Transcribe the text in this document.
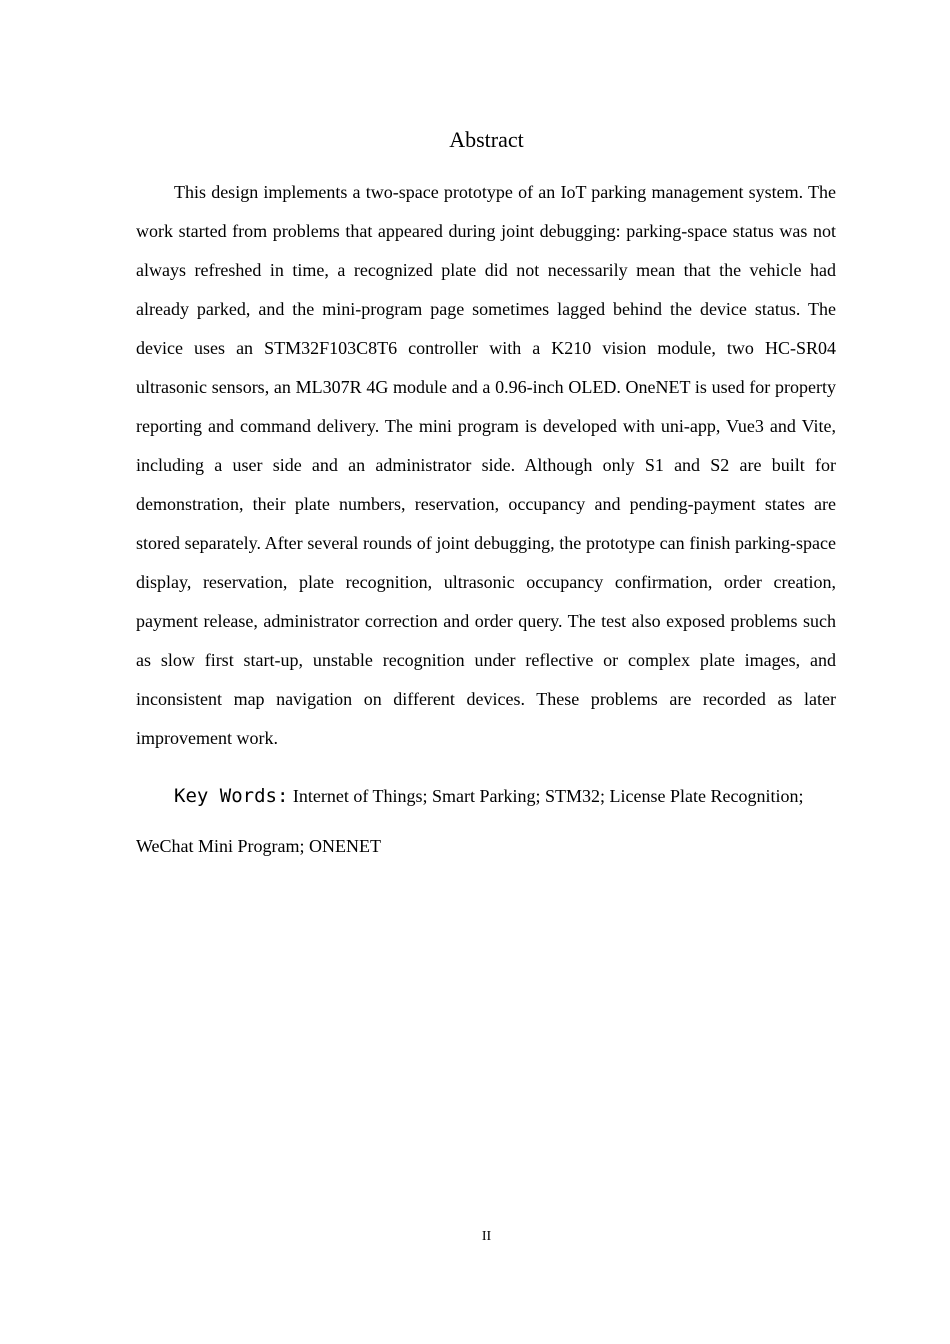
Abstract

This design implements a two-space prototype of an IoT parking management system. The work started from problems that appeared during joint debugging: parking-space status was not always refreshed in time, a recognized plate did not necessarily mean that the vehicle had already parked, and the mini-program page sometimes lagged behind the device status. The device uses an STM32F103C8T6 controller with a K210 vision module, two HC-SR04 ultrasonic sensors, an ML307R 4G module and a 0.96-inch OLED. OneNET is used for property reporting and command delivery. The mini program is developed with uni-app, Vue3 and Vite, including a user side and an administrator side. Although only S1 and S2 are built for demonstration, their plate numbers, reservation, occupancy and pending-payment states are stored separately. After several rounds of joint debugging, the prototype can finish parking-space display, reservation, plate recognition, ultrasonic occupancy confirmation, order creation, payment release, administrator correction and order query. The test also exposed problems such as slow first start-up, unstable recognition under reflective or complex plate images, and inconsistent map navigation on different devices. These problems are recorded as later improvement work.

Key Words: Internet of Things; Smart Parking; STM32; License Plate Recognition; WeChat Mini Program; ONENET

II
